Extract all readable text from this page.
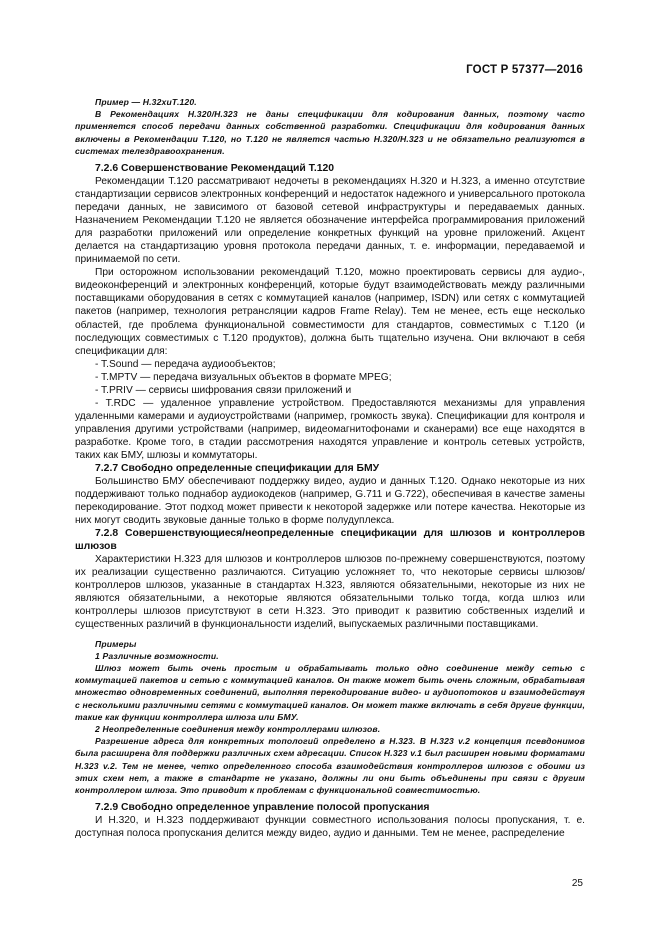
ГОСТ Р 57377—2016

Пример — Н.32хиТ.120.

В Рекомендациях Н.320/Н.323 не даны спецификации для кодирования данных, поэтому часто применяется способ передачи данных собственной разработки. Спецификации для кодирования данных включены в Рекомендации Т.120, но Т.120 не является частью Н.320/Н.323 и не обязательно реализуются в системах телездравоохранения.

7.2.6 Совершенствование Рекомендаций Т.120

Рекомендации Т.120 рассматривают недочеты в рекомендациях Н.320 и Н.323, а именно отсутствие стандартизации сервисов электронных конференций и недостаток надежного и универсального протокола передачи данных, не зависимого от базовой сетевой инфраструктуры и передаваемых данных. Назначением Рекомендации Т.120 не является обозначение интерфейса программирования приложений для разработки приложений или определение конкретных функций на уровне приложений. Акцент делается на стандартизацию уровня протокола передачи данных, т. е. информации, передаваемой и принимаемой по сети.

При осторожном использовании рекомендаций Т.120, можно проектировать сервисы для аудио-, видеоконференций и электронных конференций, которые будут взаимодействовать между различными поставщиками оборудования в сетях с коммутацией каналов (например, ISDN) или сетях с коммутацией пакетов (например, технология ретрансляции кадров Frame Relay). Тем не менее, есть еще несколько областей, где проблема функциональной совместимости для стандартов, совместимых с Т.120 (и последующих совместимых с Т.120 продуктов), должна быть тщательно изучена. Они включают в себя спецификации для:

- T.Sound — передача аудиообъектов;
- T.MPTV — передача визуальных объектов в формате MPEG;
- T.PRIV — сервисы шифрования связи приложений и
- T.RDC — удаленное управление устройством. Предоставляются механизмы для управления удаленными камерами и аудиоустройствами (например, громкость звука). Спецификации для контроля и управления другими устройствами (например, видеомагнитофонами и сканерами) все еще находятся в разработке. Кроме того, в стадии рассмотрения находятся управление и контроль сетевых устройств, таких как БМУ, шлюзы и коммутаторы.

7.2.7 Свободно определенные спецификации для БМУ

Большинство БМУ обеспечивают поддержку видео, аудио и данных Т.120. Однако некоторые из них поддерживают только поднабор аудиокодеков (например, G.711 и G.722), обеспечивая в качестве замены перекодирование. Этот подход может привести к некоторой задержке или потере качества. Некоторые из них могут сводить звуковые данные только в форме полудуплекса.

7.2.8 Совершенствующиеся/неопределенные спецификации для шлюзов и контроллеров шлюзов

Характеристики Н.323 для шлюзов и контроллеров шлюзов по-прежнему совершенствуются, поэтому их реализации существенно различаются. Ситуацию усложняет то, что некоторые сервисы шлюзов/контроллеров шлюзов, указанные в стандартах Н.323, являются обязательными, некоторые из них не являются обязательными, а некоторые являются обязательными только тогда, когда шлюз или контроллеры шлюзов присутствуют в сети Н.323. Это приводит к развитию собственных изделий и существенных различий в функциональности изделий, выпускаемых различными поставщиками.

Примеры

1 Различные возможности.

Шлюз может быть очень простым и обрабатывать только одно соединение между сетью с коммутацией пакетов и сетью с коммутацией каналов. Он также может быть очень сложным, обрабатывая множество одновременных соединений, выполняя перекодирование видео- и аудиопотоков и взаимодействуя с несколькими различными сетями с коммутацией каналов. Он может также включать в себя другие функции, такие как функции контроллера шлюза или БМУ.

2 Неопределенные соединения между контроллерами шлюзов.

Разрешение адреса для конкретных топологий определено в Н.323. В Н.323 v.2 концепция псевдонимов была расширена для поддержки различных схем адресации. Список Н.323 v.1 был расширен новыми форматами Н.323 v.2. Тем не менее, четко определенного способа взаимодействия контроллеров шлюзов с обоими из этих схем нет, а также в стандарте не указано, должны ли они быть объединены при связи с другим контроллером шлюза. Это приводит к проблемам с функциональной совместимостью.

7.2.9 Свободно определенное управление полосой пропускания

И Н.320, и Н.323 поддерживают функции совместного использования полосы пропускания, т. е. доступная полоса пропускания делится между видео, аудио и данными. Тем не менее, распределение

25
